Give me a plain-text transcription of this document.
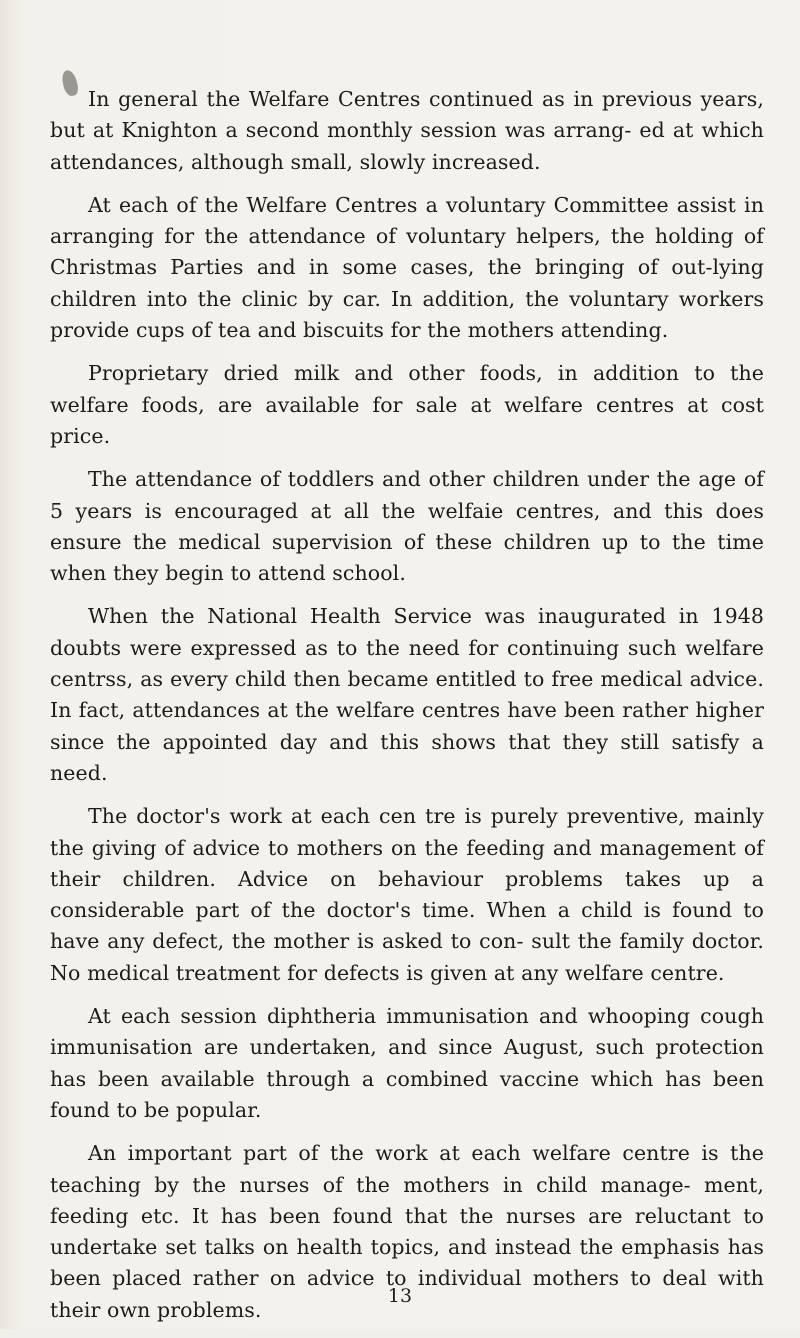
In general the Welfare Centres continued as in previous years, but at Knighton a second monthly session was arrang- ed at which attendances, although small, slowly increased.

At each of the Welfare Centres a voluntary Committee assist in arranging for the attendance of voluntary helpers, the holding of Christmas Parties and in some cases, the bringing of out-lying children into the clinic by car. In addition, the voluntary workers provide cups of tea and biscuits for the mothers attending.

Proprietary dried milk and other foods, in addition to the welfare foods, are available for sale at welfare centres at cost price.

The attendance of toddlers and other children under the age of 5 years is encouraged at all the welfaie centres, and this does ensure the medical supervision of these children up to the time when they begin to attend school.

When the National Health Service was inaugurated in 1948 doubts were expressed as to the need for continuing such welfare centrss, as every child then became entitled to free medical advice. In fact, attendances at the welfare centres have been rather higher since the appointed day and this shows that they still satisfy a need.

The doctor's work at each cen tre is purely preventive, mainly the giving of advice to mothers on the feeding and management of their children. Advice on behaviour problems takes up a considerable part of the doctor's time. When a child is found to have any defect, the mother is asked to con- sult the family doctor. No medical treatment for defects is given at any welfare centre.

At each session diphtheria immunisation and whooping cough immunisation are undertaken, and since August, such protection has been available through a combined vaccine which has been found to be popular.

An important part of the work at each welfare centre is the teaching by the nurses of the mothers in child manage- ment, feeding etc. It has been found that the nurses are reluctant to undertake set talks on health topics, and instead the emphasis has been placed rather on advice to individual mothers to deal with their own problems.

13
